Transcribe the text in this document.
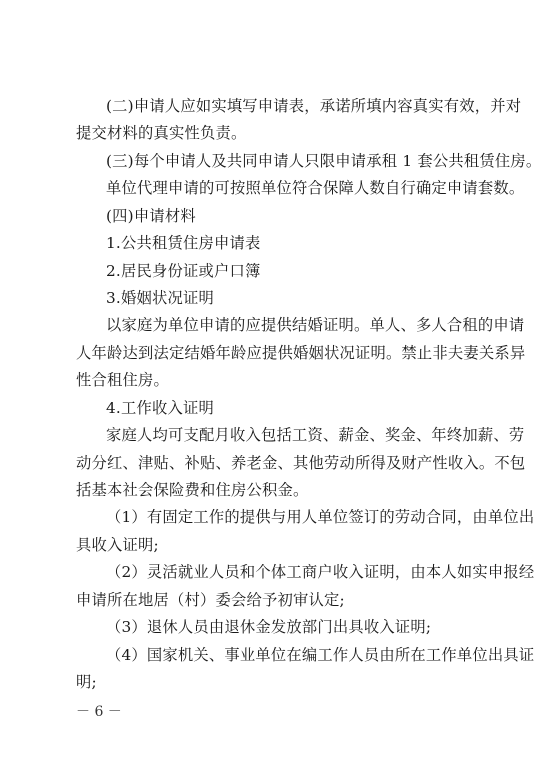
(二)申请人应如实填写申请表，承诺所填内容真实有效，并对
提交材料的真实性负责。
(三)每个申请人及共同申请人只限申请承租 1 套公共租赁住房。
单位代理申请的可按照单位符合保障人数自行确定申请套数。
(四)申请材料
1.公共租赁住房申请表
2.居民身份证或户口簿
3.婚姻状况证明
以家庭为单位申请的应提供结婚证明。单人、多人合租的申请
人年龄达到法定结婚年龄应提供婚姻状况证明。禁止非夫妻关系异
性合租住房。
4.工作收入证明
家庭人均可支配月收入包括工资、薪金、奖金、年终加薪、劳
动分红、津贴、补贴、养老金、其他劳动所得及财产性收入。不包
括基本社会保险费和住房公积金。
（1）有固定工作的提供与用人单位签订的劳动合同，由单位出
具收入证明;
（2）灵活就业人员和个体工商户收入证明，由本人如实申报经
申请所在地居（村）委会给予初审认定;
（3）退休人员由退休金发放部门出具收入证明;
（4）国家机关、事业单位在编工作人员由所在工作单位出具证
明;
－ 6 －
